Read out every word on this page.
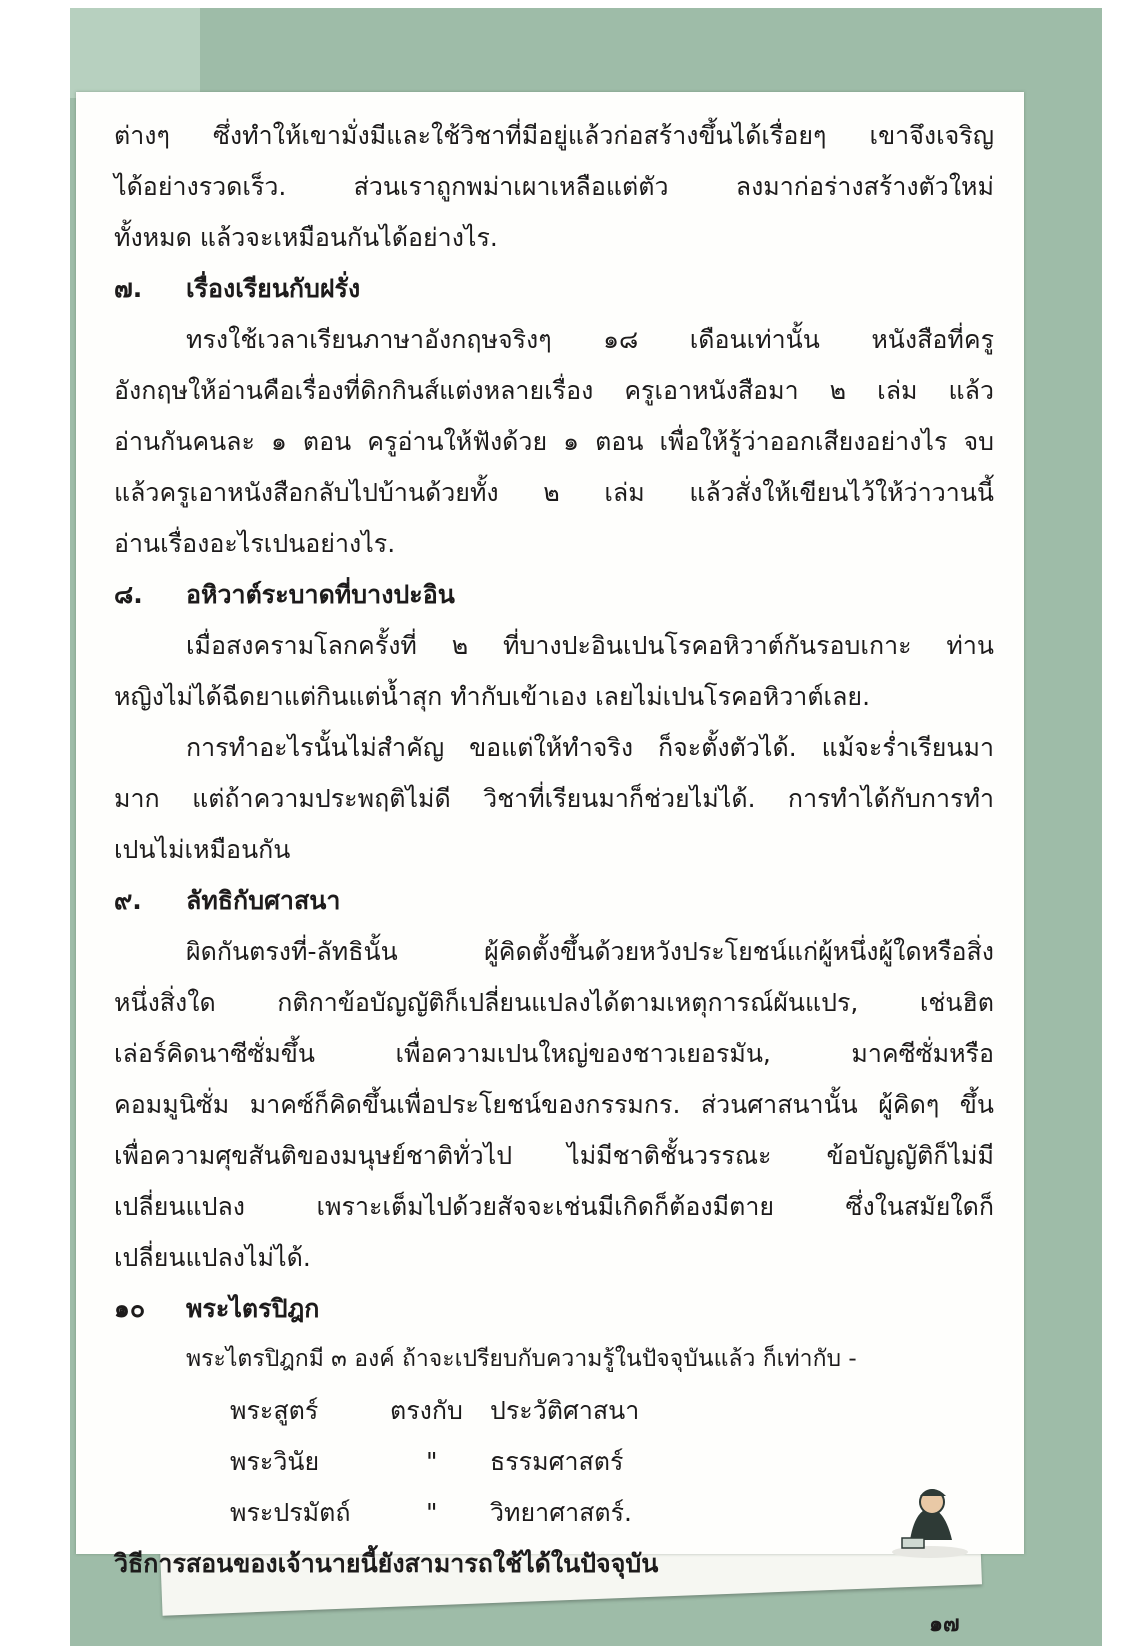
ต่างๆ ซึ่งทำให้เขามั่งมีและใช้วิชาที่มีอยู่แล้วก่อสร้างขึ้นได้เรื่อยๆ เขาจึงเจริญ

ได้อย่างรวดเร็ว. ส่วนเราถูกพม่าเผาเหลือแต่ตัว ลงมาก่อร่างสร้างตัวใหม่

ทั้งหมด แล้วจะเหมือนกันได้อย่างไร.

๗.	เรื่องเรียนกับฝรั่ง

ทรงใช้เวลาเรียนภาษาอังกฤษจริงๆ ๑๘ เดือนเท่านั้น หนังสือที่ครู

อังกฤษให้อ่านคือเรื่องที่ดิกกินส์แต่งหลายเรื่อง ครูเอาหนังสือมา ๒ เล่ม แล้ว

อ่านกันคนละ ๑ ตอน ครูอ่านให้ฟังด้วย ๑ ตอน เพื่อให้รู้ว่าออกเสียงอย่างไร จบ

แล้วครูเอาหนังสือกลับไปบ้านด้วยทั้ง ๒ เล่ม แล้วสั่งให้เขียนไว้ให้ว่าวานนี้

อ่านเรื่องอะไรเปนอย่างไร.

๘.	อหิวาต์ระบาดที่บางปะอิน

เมื่อสงครามโลกครั้งที่ ๒ ที่บางปะอินเปนโรคอหิวาต์กันรอบเกาะ ท่าน

หญิงไม่ได้ฉีดยาแต่กินแต่น้ำสุก ทำกับเข้าเอง เลยไม่เปนโรคอหิวาต์เลย.

การทำอะไรนั้นไม่สำคัญ ขอแต่ให้ทำจริง ก็จะตั้งตัวได้. แม้จะร่ำเรียนมา

มาก แต่ถ้าความประพฤติไม่ดี วิชาที่เรียนมาก็ช่วยไม่ได้. การทำได้กับการทำ

เปนไม่เหมือนกัน

๙.	ลัทธิกับศาสนา

ผิดกันตรงที่-ลัทธินั้น ผู้คิดตั้งขึ้นด้วยหวังประโยชน์แก่ผู้หนึ่งผู้ใดหรือสิ่ง

หนึ่งสิ่งใด กติกาข้อบัญญัติก็เปลี่ยนแปลงได้ตามเหตุการณ์ผันแปร, เช่นฮิต

เล่อร์คิดนาซีซั่มขึ้น เพื่อความเปนใหญ่ของชาวเยอรมัน, มาคซีซั่มหรือ

คอมมูนิซั่ม มาคซ์ก็คิดขึ้นเพื่อประโยชน์ของกรรมกร. ส่วนศาสนานั้น ผู้คิดๆ ขึ้น

เพื่อความศุขสันติของมนุษย์ชาติทั่วไป ไม่มีชาติชั้นวรรณะ ข้อบัญญัติก็ไม่มี

เปลี่ยนแปลง เพราะเต็มไปด้วยสัจจะเช่นมีเกิดก็ต้องมีตาย ซึ่งในสมัยใดก็

เปลี่ยนแปลงไม่ได้.

๑๐	พระไตรปิฎก

พระไตรปิฎกมี ๓ องค์ ถ้าจะเปรียบกับความรู้ในปัจจุบันแล้ว ก็เท่ากับ -

พระสูตร์	ตรงกับ	ประวัติศาสนา
พระวินัย	"	ธรรมศาสตร์
พระปรมัตถ์	"	วิทยาศาสตร์.

วิธีการสอนของเจ้านายนี้ยังสามารถใช้ได้ในปัจจุบัน

๑๗
